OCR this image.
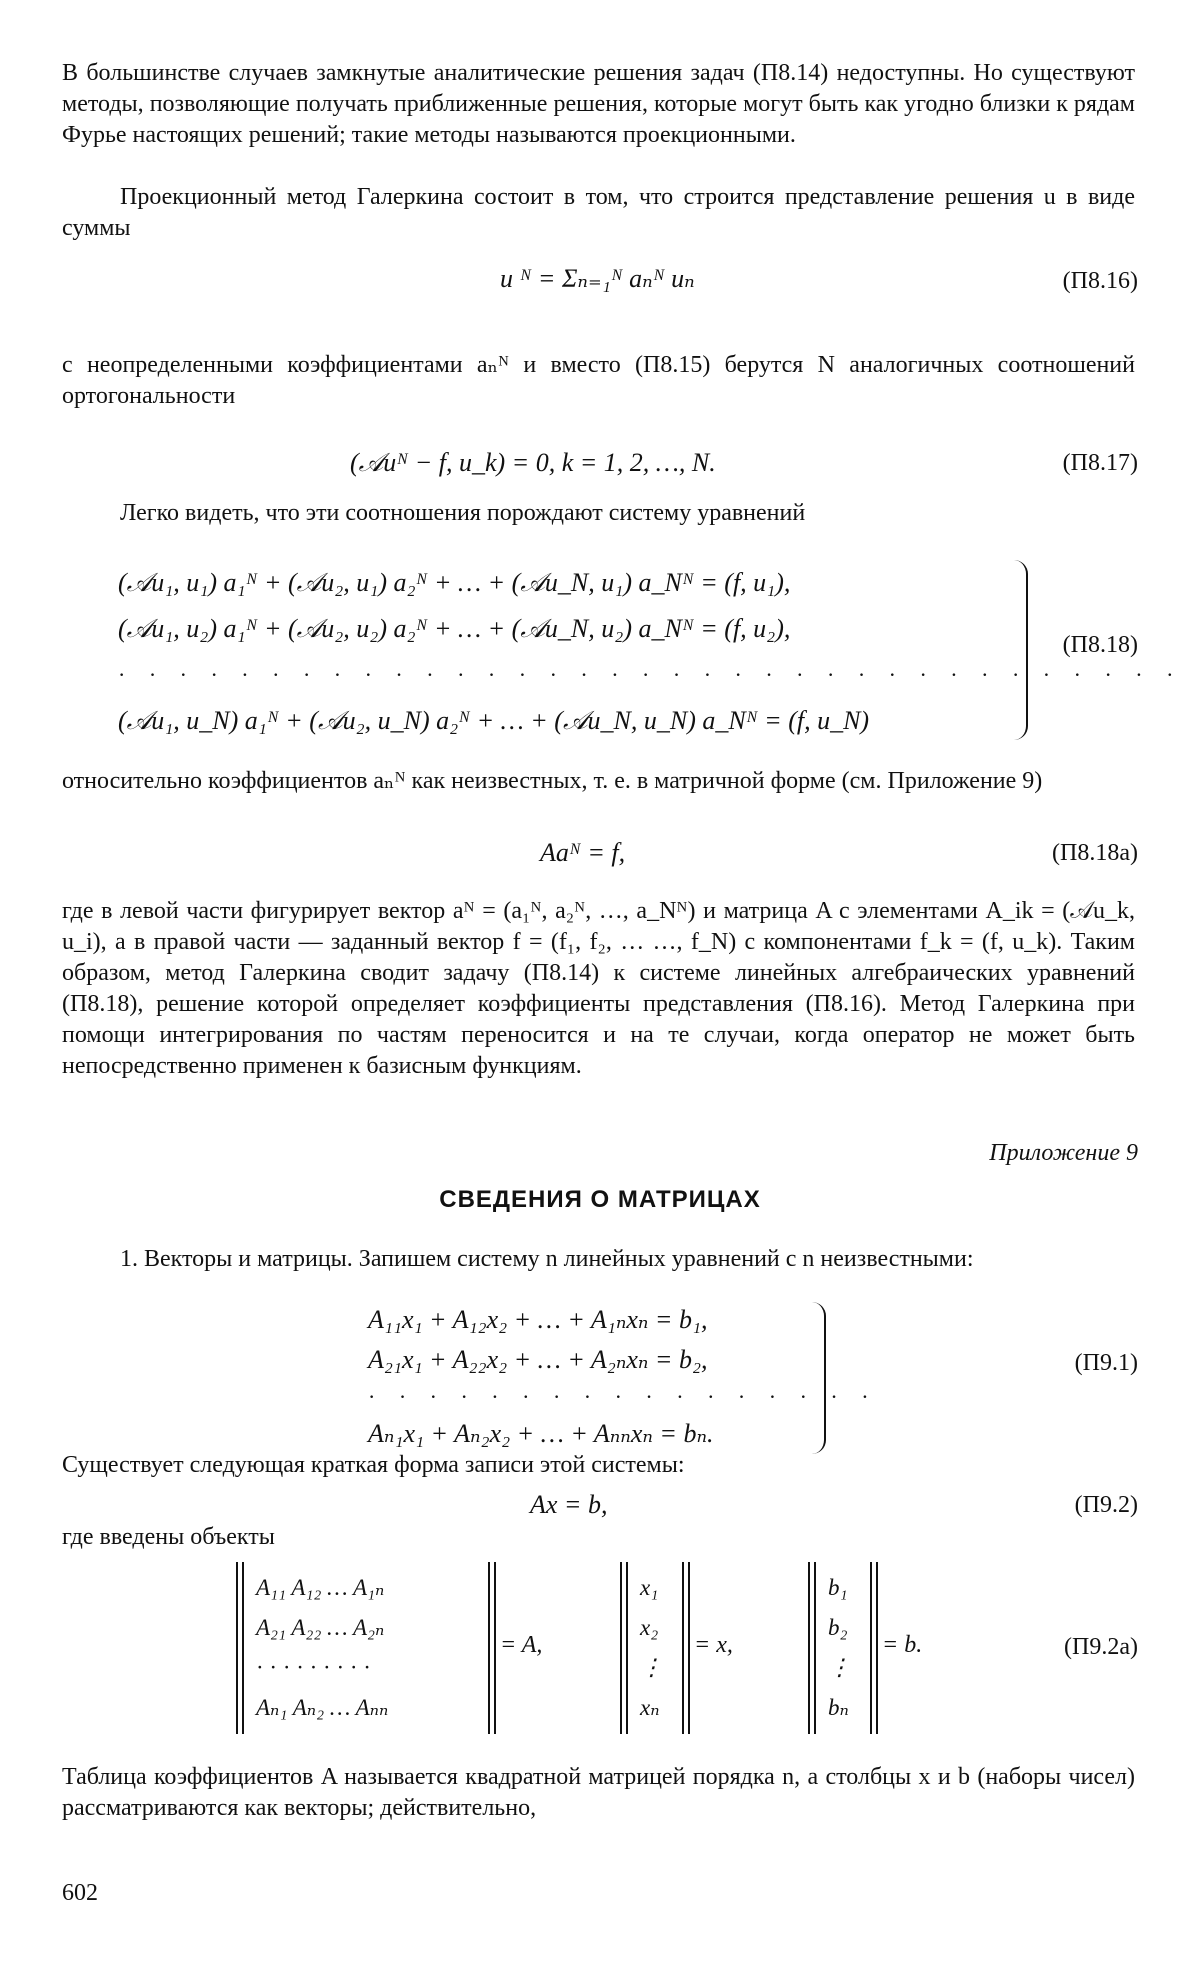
В большинстве случаев замкнутые аналитические решения задач (П8.14) недоступны. Но существуют методы, позволяющие получать приближенные решения, которые могут быть как угодно близки к рядам Фурье настоящих решений; такие методы называются проекционными.

Проекционный метод Галеркина состоит в том, что строится представление решения u в виде суммы

u ᴺ = Σₙ₌₁ᴺ aₙᴺ uₙ	(П8.16)

с неопределенными коэффициентами aₙᴺ и вместо (П8.15) берутся N аналогичных соотношений ортогональности

(𝒜uᴺ − f, u_k) = 0, k = 1, 2, …, N.	(П8.17)

Легко видеть, что эти соотношения порождают систему уравнений

(𝒜u₁, u₁) a₁ᴺ + (𝒜u₂, u₁) a₂ᴺ + … + (𝒜u_N, u₁) a_Nᴺ = (f, u₁),
(𝒜u₁, u₂) a₁ᴺ + (𝒜u₂, u₂) a₂ᴺ + … + (𝒜u_N, u₂) a_Nᴺ = (f, u₂),
· · · · · · · · · · · · · · · · · · · · · · · · · · · · · · · · · · ·
(𝒜u₁, u_N) a₁ᴺ + (𝒜u₂, u_N) a₂ᴺ + … + (𝒜u_N, u_N) a_Nᴺ = (f, u_N)
(П8.18)

относительно коэффициентов aₙᴺ как неизвестных, т. е. в матричной форме (см. Приложение 9)

Aaᴺ = f,	(П8.18а)

где в левой части фигурирует вектор aᴺ = (a₁ᴺ, a₂ᴺ, …, a_Nᴺ) и матрица A с элементами A_ik = (𝒜u_k, u_i), а в правой части — заданный вектор f = (f₁, f₂, … …, f_N) с компонентами f_k = (f, u_k). Таким образом, метод Галеркина сводит задачу (П8.14) к системе линейных алгебраических уравнений (П8.18), решение которой определяет коэффициенты представления (П8.16). Метод Галеркина при помощи интегрирования по частям переносится и на те случаи, когда оператор не может быть непосредственно применен к базисным функциям.

Приложение 9
СВЕДЕНИЯ О МАТРИЦАХ

1. Векторы и матрицы. Запишем систему n линейных уравнений с n неизвестными:

A₁₁x₁ + A₁₂x₂ + … + A₁ₙxₙ = b₁,
A₂₁x₁ + A₂₂x₂ + … + A₂ₙxₙ = b₂,
· · · · · · · · · · · · · · · · ·
Aₙ₁x₁ + Aₙ₂x₂ + … + Aₙₙxₙ = bₙ.
(П9.1)

Существует следующая краткая форма записи этой системы:

Ax = b,	(П9.2)

где введены объекты

A₁₁ A₁₂ … A₁ₙ
A₂₁ A₂₂ … A₂ₙ
· · · · · · · · ·
Aₙ₁ Aₙ₂ … Aₙₙ
= A,
x₁
x₂
⋮
xₙ
= x,
b₁
b₂
⋮
bₙ
= b.	(П9.2а)

Таблица коэффициентов A называется квадратной матрицей порядка n, а столбцы x и b (наборы чисел) рассматриваются как векторы; действительно,

602
